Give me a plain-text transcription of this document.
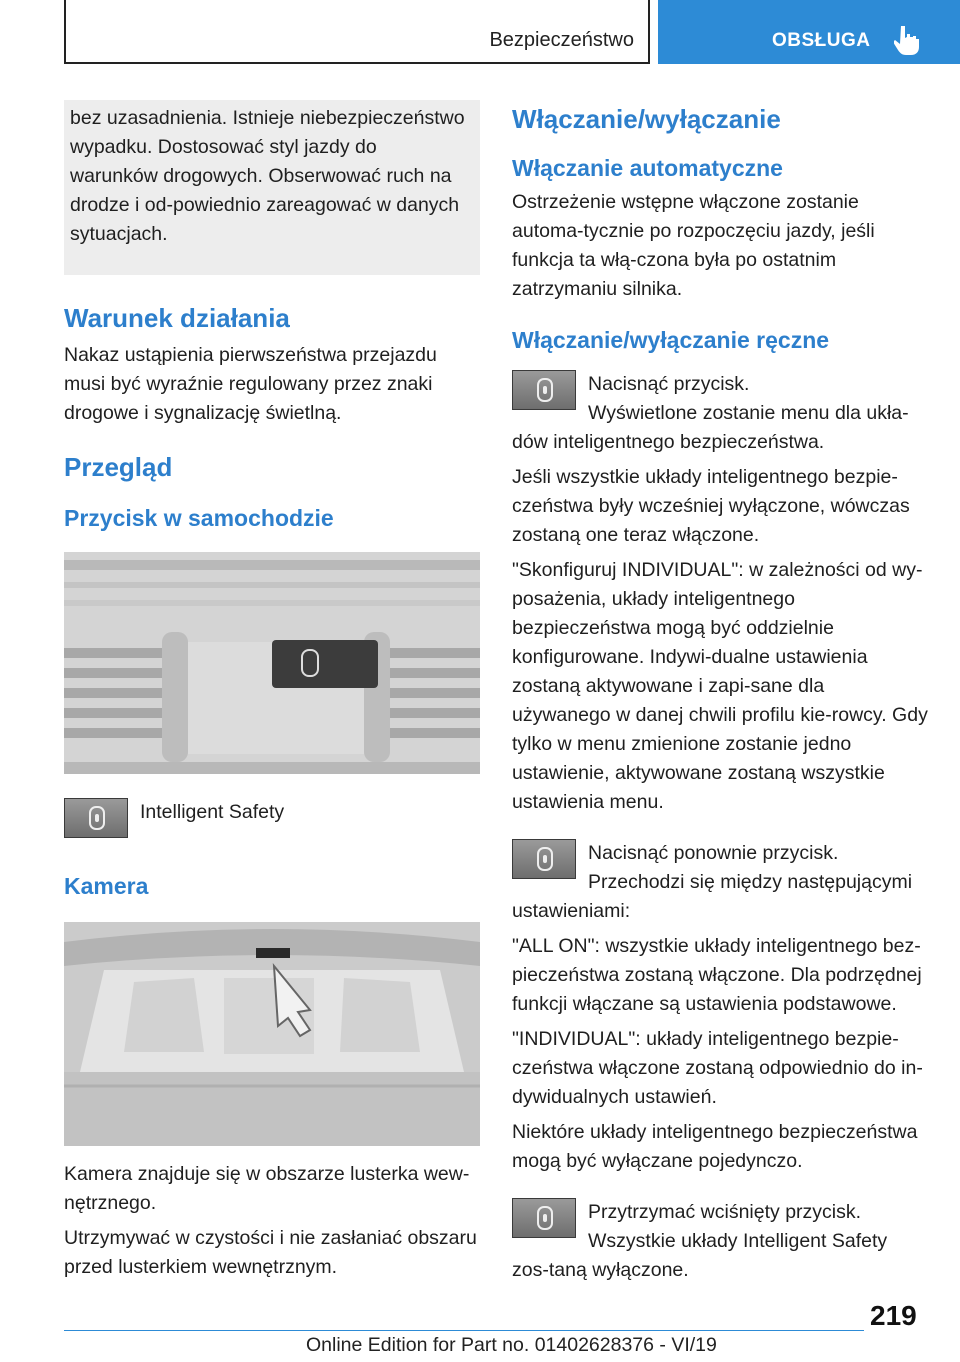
Bezpieczeństwo	OBSŁUGA

bez uzasadnienia. Istnieje niebezpieczeństwo wypadku. Dostosować styl jazdy do warunków drogowych. Obserwować ruch na drodze i od-powiednio zareagować w danych sytuacjach.

Warunek działania

Nakaz ustąpienia pierwszeństwa przejazdu musi być wyraźnie regulowany przez znaki drogowe i sygnalizację świetlną.

Przegląd
Przycisk w samochodzie

Intelligent Safety

Kamera

Kamera znajduje się w obszarze lusterka wew-nętrznego.

Utrzymywać w czystości i nie zasłaniać obszaru przed lusterkiem wewnętrznym.

Włączanie/wyłączanie
Włączanie automatyczne

Ostrzeżenie wstępne włączone zostanie automa-tycznie po rozpoczęciu jazdy, jeśli funkcja ta włą-czona była po ostatnim zatrzymaniu silnika.

Włączanie/wyłączanie ręczne

Nacisnąć przycisk.

Wyświetlone zostanie menu dla ukła-dów inteligentnego bezpieczeństwa.

Jeśli wszystkie układy inteligentnego bezpie-czeństwa były wcześniej wyłączone, wówczas zostaną one teraz włączone.

"Skonfiguruj INDIVIDUAL": w zależności od wy-posażenia, układy inteligentnego bezpieczeństwa mogą być oddzielnie konfigurowane. Indywi-dualne ustawienia zostaną aktywowane i zapi-sane dla używanego w danej chwili profilu kie-rowcy. Gdy tylko w menu zmienione zostanie jedno ustawienie, aktywowane zostaną wszystkie ustawienia menu.

Nacisnąć ponownie przycisk.

Przechodzi się między następującymi ustawieniami:

"ALL ON": wszystkie układy inteligentnego bez-pieczeństwa zostaną włączone. Dla podrzędnej funkcji włączane są ustawienia podstawowe.

"INDIVIDUAL": układy inteligentnego bezpie-czeństwa włączone zostaną odpowiednio do in-dywidualnych ustawień.

Niektóre układy inteligentnego bezpieczeństwa mogą być wyłączane pojedynczo.

Przytrzymać wciśnięty przycisk.

Wszystkie układy Intelligent Safety zos-taną wyłączone.

219
Online Edition for Part no. 01402628376 - VI/19
